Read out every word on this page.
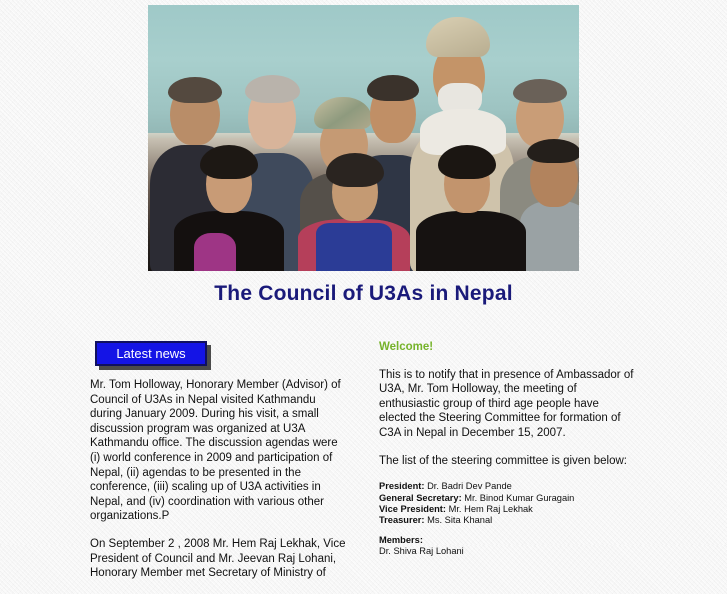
The Council of U3As in Nepal
Latest news

Mr. Tom Holloway, Honorary Member (Advisor) of Council of U3As in Nepal visited Kathmandu during January 2009. During his visit, a small discussion program was organized at U3A Kathmandu office. The discussion agendas were (i) world conference in 2009 and participation of Nepal, (ii) agendas to be presented in the conference, (iii) scaling up of U3A activities in Nepal, and (iv) coordination with various other organizations.P

On September 2 , 2008 Mr. Hem Raj Lekhak, Vice President of Council and Mr. Jeevan Raj Lohani, Honorary Member met Secretary of Ministry of

Welcome!

This is to notify that in presence of Ambassador of U3A, Mr. Tom Holloway, the meeting of enthusiastic group of third age people have elected the Steering Committee for formation of C3A in Nepal in December 15, 2007.

The list of the steering committee is given below:

President: Dr. Badri Dev Pande
General Secretary: Mr. Binod Kumar Guragain
Vice President: Mr. Hem Raj Lekhak
Treasurer: Ms. Sita Khanal
Members:
Dr. Shiva Raj Lohani
